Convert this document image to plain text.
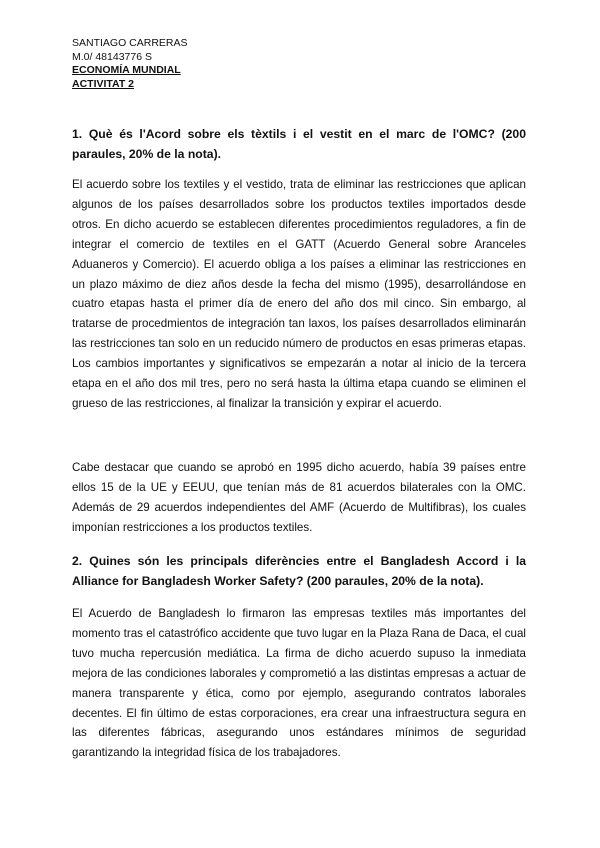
SANTIAGO CARRERAS
M.0/ 48143776 S
ECONOMÍA MUNDIAL
ACTIVITAT 2
1. Què és l'Acord sobre els tèxtils i el vestit en el marc de l'OMC? (200 paraules, 20% de la nota).
El acuerdo sobre los textiles y el vestido, trata de eliminar las restricciones que aplican algunos de los países desarrollados sobre los productos textiles importados desde otros. En dicho acuerdo se establecen diferentes procedimientos reguladores, a fin de integrar el comercio de textiles en el GATT (Acuerdo General sobre Aranceles Aduaneros y Comercio). El acuerdo obliga a los países a eliminar las restricciones en un plazo máximo de diez años desde la fecha del mismo (1995), desarrollándose en cuatro etapas hasta el primer día de enero del año dos mil cinco. Sin embargo, al tratarse de procedmientos de integración tan laxos, los países desarrollados eliminarán las restricciones tan solo en un reducido número de productos en esas primeras etapas. Los cambios importantes y significativos se empezarán a notar al inicio de la tercera etapa en el año dos mil tres, pero no será hasta la última etapa cuando se eliminen el grueso de las restricciones, al finalizar la transición y expirar el acuerdo.
Cabe destacar que cuando se aprobó en 1995 dicho acuerdo, había 39 países entre ellos 15 de la UE y EEUU, que tenían más de 81 acuerdos bilaterales con la OMC. Además de 29 acuerdos independientes del AMF (Acuerdo de Multifibras), los cuales imponían restricciones a los productos textiles.
2. Quines són les principals diferències entre el Bangladesh Accord i la Alliance for Bangladesh Worker Safety? (200 paraules, 20% de la nota).
El Acuerdo de Bangladesh lo firmaron las empresas textiles más importantes del momento tras el catastrófico accidente que tuvo lugar en la Plaza Rana de Daca, el cual tuvo mucha repercusión mediática. La firma de dicho acuerdo supuso la inmediata mejora de las condiciones laborales y comprometió a las distintas empresas a actuar de manera transparente y ética, como por ejemplo, asegurando contratos laborales decentes. El fin último de estas corporaciones, era crear una infraestructura segura en las diferentes fábricas, asegurando unos estándares mínimos de seguridad garantizando la integridad física de los trabajadores.
